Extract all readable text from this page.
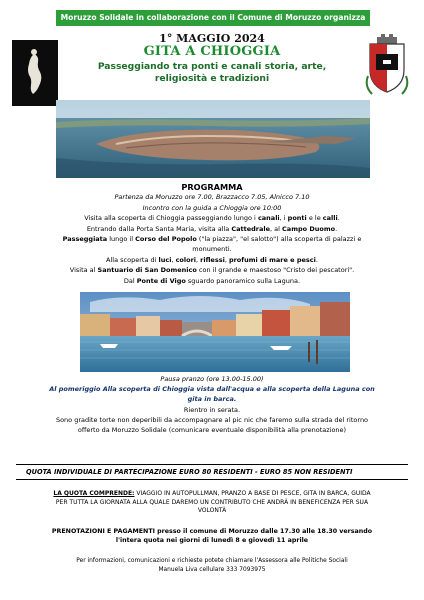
Moruzzo Solidale in collaborazione con il Comune di Moruzzo organizza
1° MAGGIO 2024
GITA A CHIOGGIA
Passeggiando tra ponti e canali storia, arte,
religiosità e tradizioni

PROGRAMMA

Partenza da Moruzzo ore 7.00, Brazzacco 7.05, Alnicco 7.10

Incontro con la guida a Chioggia ore 10:00

Visita alla scoperta di Chioggia passeggiando lungo i canali, i ponti e le calli.

Entrando dalla Porta Santa Maria, visita alla Cattedrale, al Campo Duomo.

Passeggiata lungo il Corso del Popolo ("la piazza", "el salotto") alla scoperta di palazzi e

monumenti.

Alla scoperta di luci, colori, riflessi, profumi di mare e pesci.

Visita al Santuario di San Domenico con il grande e maestoso "Cristo dei pescatori".

Dal Ponte di Vigo sguardo panoramico sulla Laguna.

Pausa pranzo (ore 13.00-15.00)

Al pomeriggio Alla scoperta di Chioggia vista dall'acqua e alla scoperta della Laguna con

gita in barca.

Rientro in serata.

Sono gradite torte non deperibili da accompagnare al pic nic che faremo sulla strada del ritorno

offerto da Moruzzo Solidale (comunicare eventuale disponibilità alla prenotazione)

QUOTA INDIVIDUALE DI PARTECIPAZIONE EURO 80 RESIDENTI - EURO 85 NON RESIDENTI

LA QUOTA COMPRENDE: VIAGGIO IN AUTOPULLMAN, PRANZO A BASE DI PESCE, GITA IN BARCA, GUIDA

PER TUTTA LA GIORNATA ALLA QUALE DAREMO UN CONTRIBUTO CHE ANDRÀ IN BENEFICENZA PER SUA

VOLONTÀ

PRENOTAZIONI E PAGAMENTI presso il comune di Moruzzo dalle 17.30 alle 18.30 versando

l'intera quota nei giorni di lunedì 8 e giovedì 11 aprile

Per informazioni, comunicazioni e richieste potete chiamare l'Assessora alle Politiche Sociali

Manuela Liva cellulare 333 7093975
